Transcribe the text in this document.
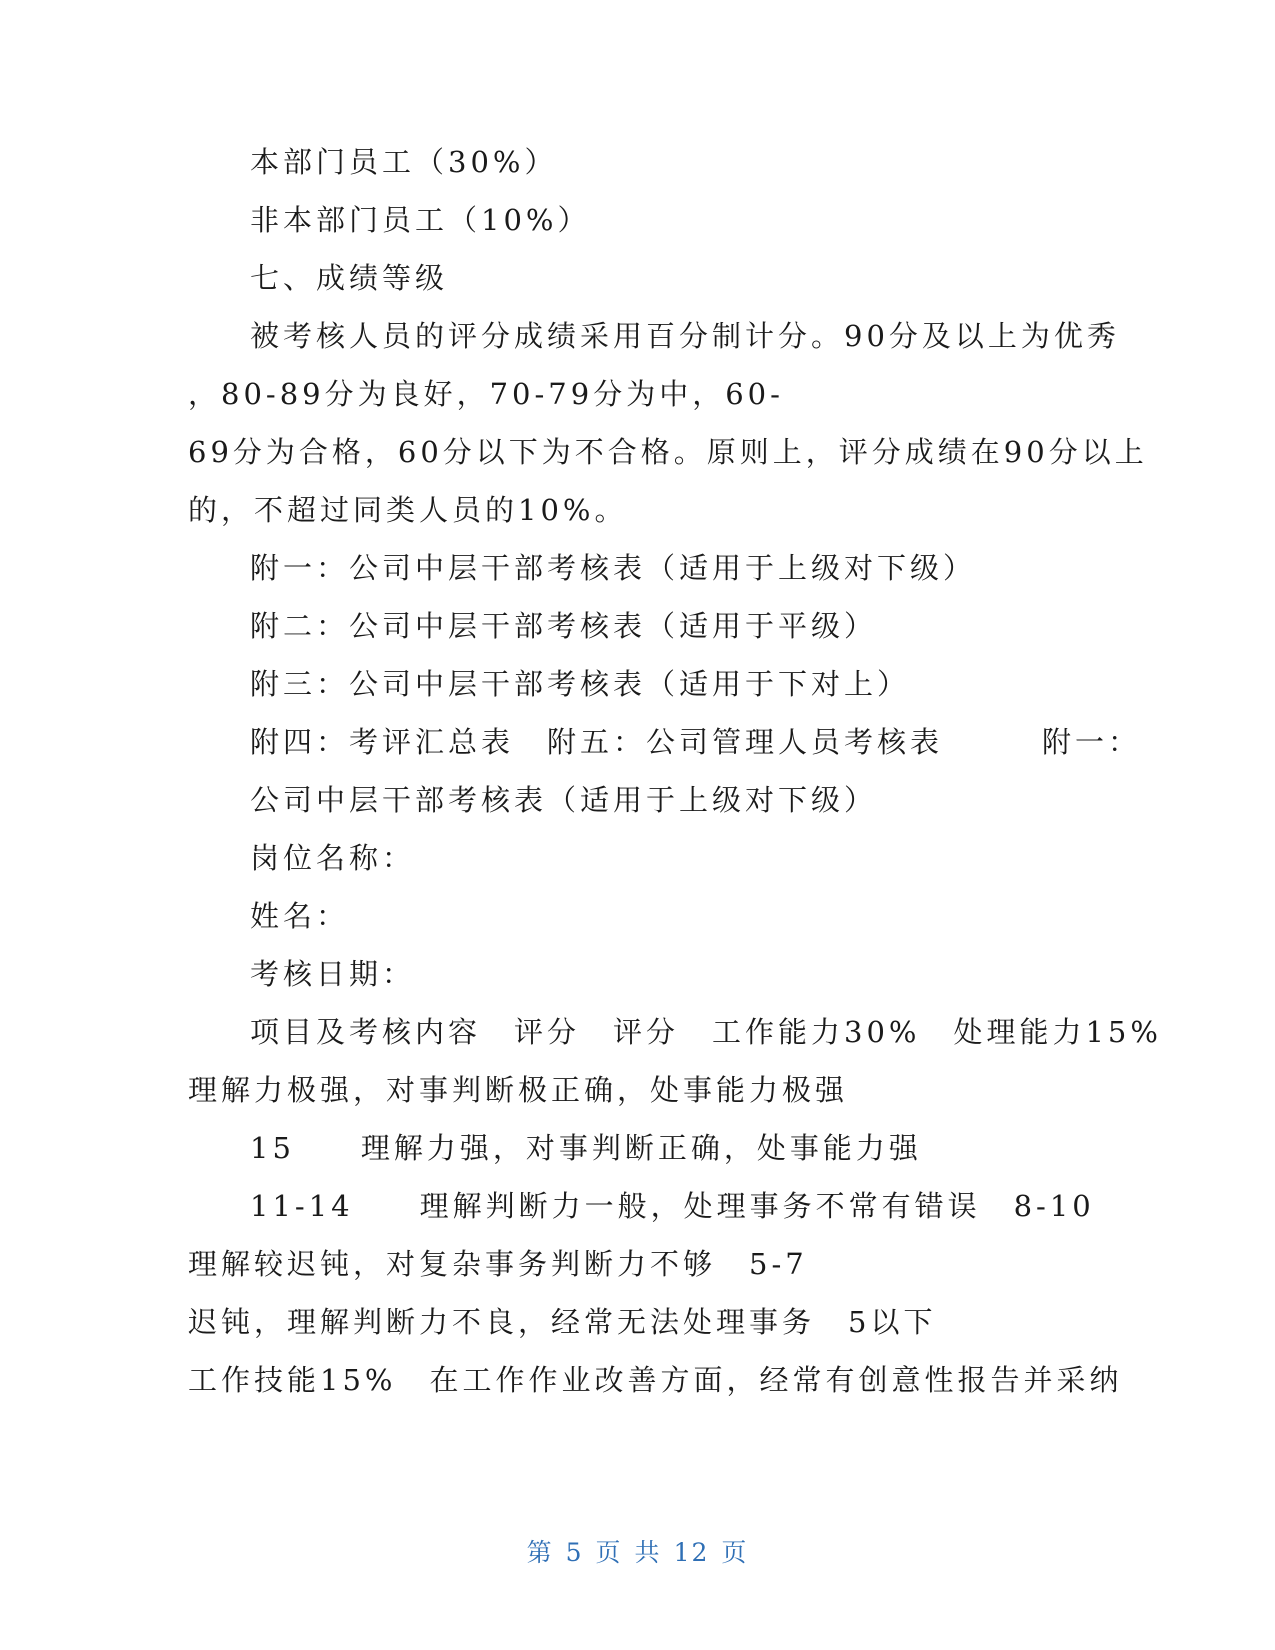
本部门员工（30%）
非本部门员工（10%）
七、成绩等级
被考核人员的评分成绩采用百分制计分。90分及以上为优秀
，80-89分为良好，70-79分为中，60-
69分为合格，60分以下为不合格。原则上，评分成绩在90分以上
的，不超过同类人员的10%。
附一：公司中层干部考核表（适用于上级对下级）
附二：公司中层干部考核表（适用于平级）
附三：公司中层干部考核表（适用于下对上）
附四：考评汇总表　附五：公司管理人员考核表　　　附一：
公司中层干部考核表（适用于上级对下级）
岗位名称：
姓名：
考核日期：
项目及考核内容　评分　评分　工作能力30%　处理能力15%
理解力极强，对事判断极正确，处事能力极强
15　　理解力强，对事判断正确，处事能力强
11-14　　理解判断力一般，处理事务不常有错误　8-10
理解较迟钝，对复杂事务判断力不够　5-7
迟钝，理解判断力不良，经常无法处理事务　5以下
工作技能15%　在工作作业改善方面，经常有创意性报告并采纳
第 5 页 共 12 页
